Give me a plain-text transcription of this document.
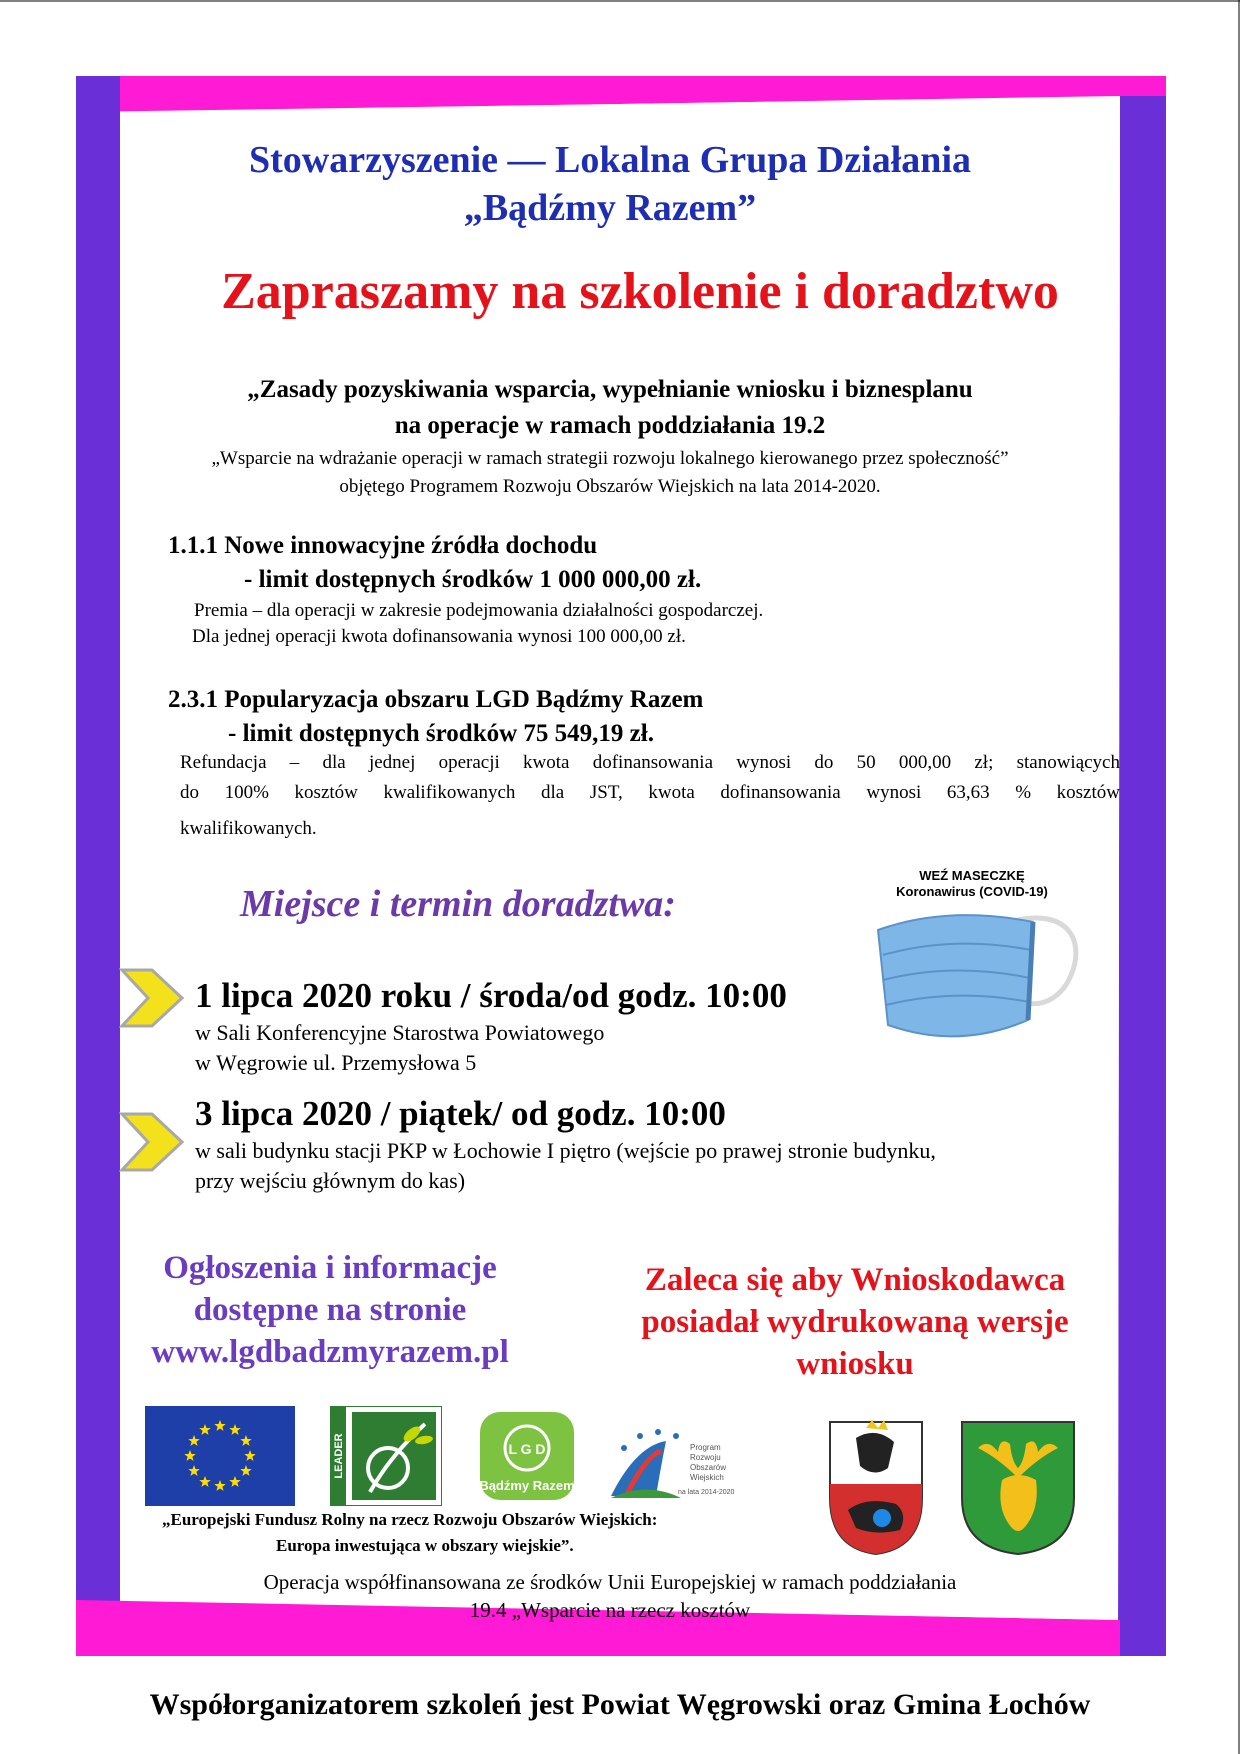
Stowarzyszenie — Lokalna Grupa Działania
„Bądźmy Razem”
Zapraszamy na szkolenie i doradztwo
„Zasady pozyskiwania wsparcia, wypełnianie wniosku i biznesplanu
na operacje w ramach poddziałania 19.2
„Wsparcie na wdrażanie operacji w ramach strategii rozwoju lokalnego kierowanego przez społeczność”
objętego Programem Rozwoju Obszarów Wiejskich na lata 2014-2020.
1.1.1 Nowe innowacyjne źródła dochodu
- limit dostępnych środków 1 000 000,00 zł.
Premia – dla operacji w zakresie podejmowania działalności gospodarczej.
Dla jednej operacji kwota dofinansowania wynosi 100 000,00 zł.
2.3.1 Popularyzacja obszaru LGD Bądźmy Razem
- limit dostępnych środków 75 549,19 zł.
Refundacja – dla jednej operacji kwota dofinansowania wynosi do 50 000,00 zł; stanowiących
do 100% kosztów kwalifikowanych dla JST, kwota dofinansowania wynosi 63,63 % kosztów
kwalifikowanych.
Miejsce i termin doradztwa:
WEŹ MASECZKĘ
Koronawirus (COVID-19)
1 lipca 2020 roku / środa/od godz. 10:00
w Sali Konferencyjne Starostwa Powiatowego
w Węgrowie ul. Przemysłowa 5
3 lipca 2020 / piątek/ od godz. 10:00
w sali budynku stacji PKP w Łochowie I piętro (wejście po prawej stronie budynku,
przy wejściu głównym do kas)
Ogłoszenia i informacje
dostępne na stronie
www.lgdbadzmyrazem.pl
Zaleca się aby Wnioskodawca
posiadał wydrukowaną wersje
wniosku
LEADER	L G D
Bądźmy Razem
Program
Rozwoju
Obszarów
Wiejskich
na lata 2014-2020
„Europejski Fundusz Rolny na rzecz Rozwoju Obszarów Wiejskich:
Europa inwestująca w obszary wiejskie”.
Operacja współfinansowana ze środków Unii Europejskiej w ramach poddziałania
19.4 „Wsparcie na rzecz kosztów
Współorganizatorem szkoleń jest Powiat Węgrowski oraz Gmina Łochów
